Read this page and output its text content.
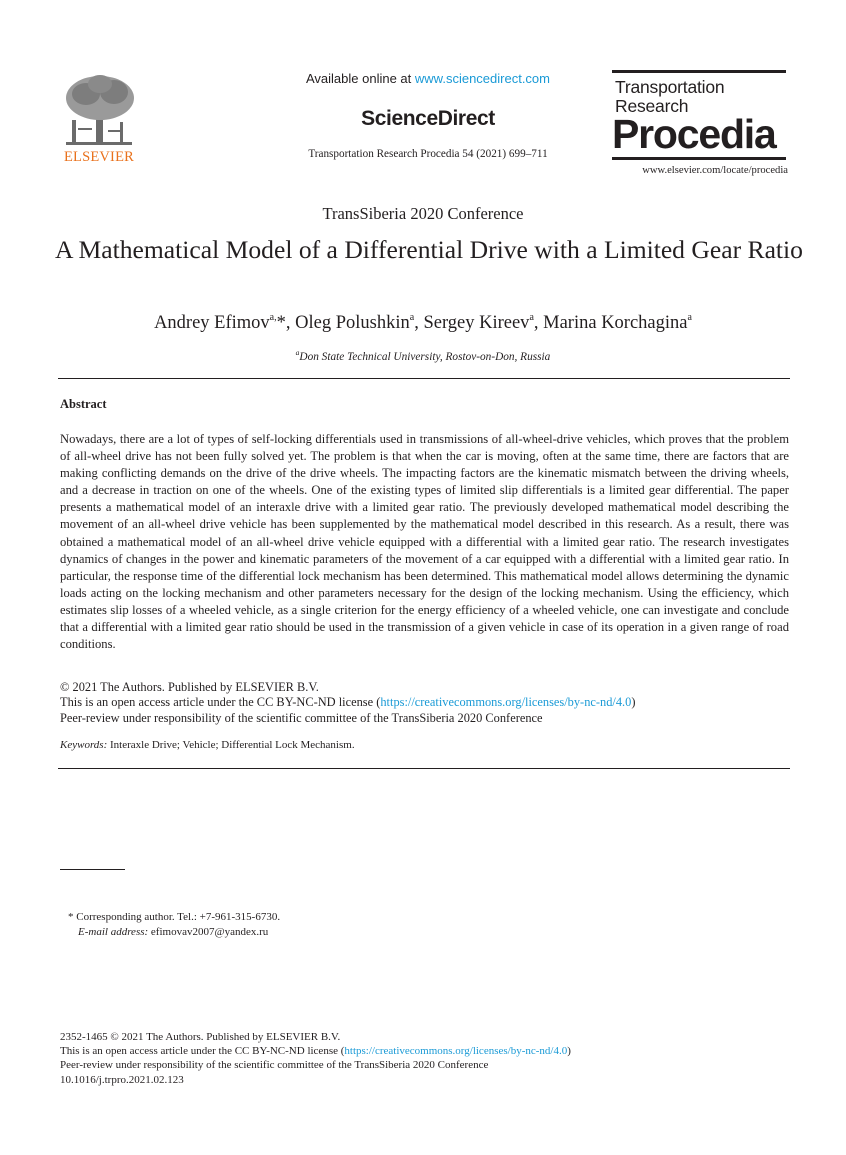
ELSEVIER
Available online at www.sciencedirect.com
ScienceDirect
Transportation Research Procedia 54 (2021) 699–711
Transportation
Research
Procedia
www.elsevier.com/locate/procedia
TransSiberia 2020 Conference
A Mathematical Model of a Differential Drive with a Limited Gear Ratio
Andrey Efimov$^{a,}$*, Oleg Polushkin$^a$, Sergey Kireev$^a$, Marina Korchagina$^a$
$^a$Don State Technical University, Rostov-on-Don, Russia
Abstract
Nowadays, there are a lot of types of self-locking differentials used in transmissions of all-wheel-drive vehicles, which proves that the problem of all-wheel drive has not been fully solved yet. The problem is that when the car is moving, often at the same time, there are factors that are making conflicting demands on the drive of the drive wheels. The impacting factors are the kinematic mismatch between the driving wheels, and a decrease in traction on one of the wheels. One of the existing types of limited slip differentials is a limited gear differential. The paper presents a mathematical model of an interaxle drive with a limited gear ratio. The previously developed mathematical model describing the movement of an all-wheel drive vehicle has been supplemented by the mathematical model described in this research. As a result, there was obtained a mathematical model of an all-wheel drive vehicle equipped with a differential with a limited gear ratio. The research investigates dynamics of changes in the power and kinematic parameters of the movement of a car equipped with a differential with a limited gear ratio. In particular, the response time of the differential lock mechanism has been determined. This mathematical model allows determining the dynamic loads acting on the locking mechanism and other parameters necessary for the design of the locking mechanism. Using the efficiency, which estimates slip losses of a wheeled vehicle, as a single criterion for the energy efficiency of a wheeled vehicle, one can investigate and conclude that a differential with a limited gear ratio should be used in the transmission of a given vehicle in case of its operation in a given range of road conditions.
© 2021 The Authors. Published by ELSEVIER B.V.
This is an open access article under the CC BY-NC-ND license (https://creativecommons.org/licenses/by-nc-nd/4.0)
Peer-review under responsibility of the scientific committee of the TransSiberia 2020 Conference
Keywords: Interaxle Drive; Vehicle; Differential Lock Mechanism.
* Corresponding author. Tel.: +7-961-315-6730.
E-mail address: efimovav2007@yandex.ru
2352-1465 © 2021 The Authors. Published by ELSEVIER B.V.
This is an open access article under the CC BY-NC-ND license (https://creativecommons.org/licenses/by-nc-nd/4.0)
Peer-review under responsibility of the scientific committee of the TransSiberia 2020 Conference
10.1016/j.trpro.2021.02.123
